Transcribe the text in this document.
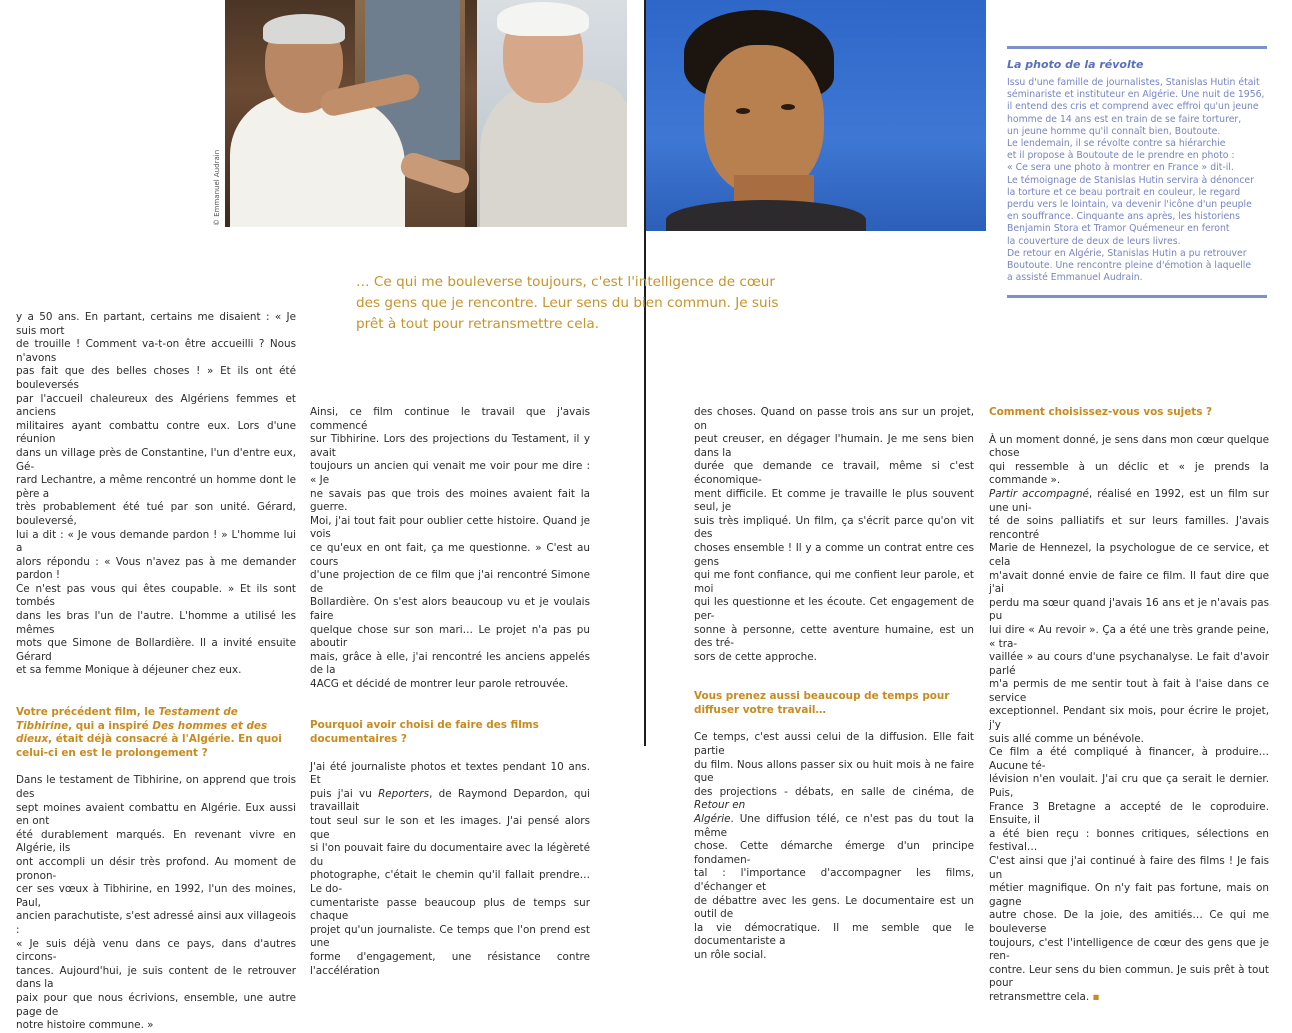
© Emmanuel Audrain

La photo de la révolte

Issu d'une famille de journalistes, Stanislas Hutin était
séminariste et instituteur en Algérie. Une nuit de 1956,
il entend des cris et comprend avec effroi qu'un jeune
homme de 14 ans est en train de se faire torturer,
un jeune homme qu'il connaît bien, Boutoute.
Le lendemain, il se révolte contre sa hiérarchie
et il propose à Boutoute de le prendre en photo :
« Ce sera une photo à montrer en France » dit-il.
Le témoignage de Stanislas Hutin servira à dénoncer
la torture et ce beau portrait en couleur, le regard
perdu vers le lointain, va devenir l'icône d'un peuple
en souffrance. Cinquante ans après, les historiens
Benjamin Stora et Tramor Quémeneur en feront
la couverture de deux de leurs livres.
De retour en Algérie, Stanislas Hutin a pu retrouver
Boutoute. Une rencontre pleine d'émotion à laquelle
a assisté Emmanuel Audrain.

… Ce qui me bouleverse toujours, c'est l'intelligence de cœur des gens que je rencontre. Leur sens du bien commun. Je suis prêt à tout pour retransmettre cela.

y a 50 ans. En partant, certains me disaient : « Je suis mort
de trouille ! Comment va-t-on être accueilli ? Nous n'avons
pas fait que des belles choses ! » Et ils ont été bouleversés
par l'accueil chaleureux des Algériens femmes et anciens
militaires ayant combattu contre eux. Lors d'une réunion
dans un village près de Constantine, l'un d'entre eux, Gé-
rard Lechantre, a même rencontré un homme dont le père a
très probablement été tué par son unité. Gérard, bouleversé,
lui a dit : « Je vous demande pardon ! » L'homme lui a
alors répondu : « Vous n'avez pas à me demander pardon !
Ce n'est pas vous qui êtes coupable. » Et ils sont tombés
dans les bras l'un de l'autre. L'homme a utilisé les mêmes
mots que Simone de Bollardière. Il a invité ensuite Gérard
et sa femme Monique à déjeuner chez eux.

Votre précédent film, le Testament de Tibhirine, qui a inspiré Des hommes et des dieux, était déjà consacré à l'Algérie. En quoi celui-ci en est le prolongement ?

Dans le testament de Tibhirine, on apprend que trois des
sept moines avaient combattu en Algérie. Eux aussi en ont
été durablement marqués. En revenant vivre en Algérie, ils
ont accompli un désir très profond. Au moment de pronon-
cer ses vœux à Tibhirine, en 1992, l'un des moines, Paul,
ancien parachutiste, s'est adressé ainsi aux villageois :
« Je suis déjà venu dans ce pays, dans d'autres circons-
tances. Aujourd'hui, je suis content de le retrouver dans la
paix pour que nous écrivions, ensemble, une autre page de
notre histoire commune. »

Ainsi, ce film continue le travail que j'avais commencé
sur Tibhirine. Lors des projections du Testament, il y avait
toujours un ancien qui venait me voir pour me dire : « Je
ne savais pas que trois des moines avaient fait la guerre.
Moi, j'ai tout fait pour oublier cette histoire. Quand je vois
ce qu'eux en ont fait, ça me questionne. » C'est au cours
d'une projection de ce film que j'ai rencontré Simone de
Bollardière. On s'est alors beaucoup vu et je voulais faire
quelque chose sur son mari… Le projet n'a pas pu aboutir
mais, grâce à elle, j'ai rencontré les anciens appelés de la
4ACG et décidé de montrer leur parole retrouvée.

Pourquoi avoir choisi de faire des films documentaires ?

J'ai été journaliste photos et textes pendant 10 ans. Et
puis j'ai vu Reporters, de Raymond Depardon, qui travaillait
tout seul sur le son et les images. J'ai pensé alors que
si l'on pouvait faire du documentaire avec la légèreté du
photographe, c'était le chemin qu'il fallait prendre… Le do-
cumentariste passe beaucoup plus de temps sur chaque
projet qu'un journaliste. Ce temps que l'on prend est une
forme d'engagement, une résistance contre l'accélération

des choses. Quand on passe trois ans sur un projet, on
peut creuser, en dégager l'humain. Je me sens bien dans la
durée que demande ce travail, même si c'est économique-
ment difficile. Et comme je travaille le plus souvent seul, je
suis très impliqué. Un film, ça s'écrit parce qu'on vit des
choses ensemble ! Il y a comme un contrat entre ces gens
qui me font confiance, qui me confient leur parole, et moi
qui les questionne et les écoute. Cet engagement de per-
sonne à personne, cette aventure humaine, est un des tré-
sors de cette approche.

Vous prenez aussi beaucoup de temps pour diffuser votre travail…

Ce temps, c'est aussi celui de la diffusion. Elle fait partie
du film. Nous allons passer six ou huit mois à ne faire que
des projections - débats, en salle de cinéma, de Retour en
Algérie. Une diffusion télé, ce n'est pas du tout la même
chose. Cette démarche émerge d'un principe fondamen-
tal : l'importance d'accompagner les films, d'échanger et
de débattre avec les gens. Le documentaire est un outil de
la vie démocratique. Il me semble que le documentariste a
un rôle social.

Comment choisissez-vous vos sujets ?

À un moment donné, je sens dans mon cœur quelque chose
qui ressemble à un déclic et « je prends la commande ».
Partir accompagné, réalisé en 1992, est un film sur une uni-
té de soins palliatifs et sur leurs familles. J'avais rencontré
Marie de Hennezel, la psychologue de ce service, et cela
m'avait donné envie de faire ce film. Il faut dire que j'ai
perdu ma sœur quand j'avais 16 ans et je n'avais pas pu
lui dire « Au revoir ». Ça a été une très grande peine, « tra-
vaillée » au cours d'une psychanalyse. Le fait d'avoir parlé
m'a permis de me sentir tout à fait à l'aise dans ce service
exceptionnel. Pendant six mois, pour écrire le projet, j'y
suis allé comme un bénévole.
Ce film a été compliqué à financer, à produire… Aucune té-
lévision n'en voulait. J'ai cru que ça serait le dernier. Puis,
France 3 Bretagne a accepté de le coproduire. Ensuite, il
a été bien reçu : bonnes critiques, sélections en festival…
C'est ainsi que j'ai continué à faire des films ! Je fais un
métier magnifique. On n'y fait pas fortune, mais on gagne
autre chose. De la joie, des amitiés… Ce qui me bouleverse
toujours, c'est l'intelligence de cœur des gens que je ren-
contre. Leur sens du bien commun. Je suis prêt à tout pour
retransmettre cela. ▪
